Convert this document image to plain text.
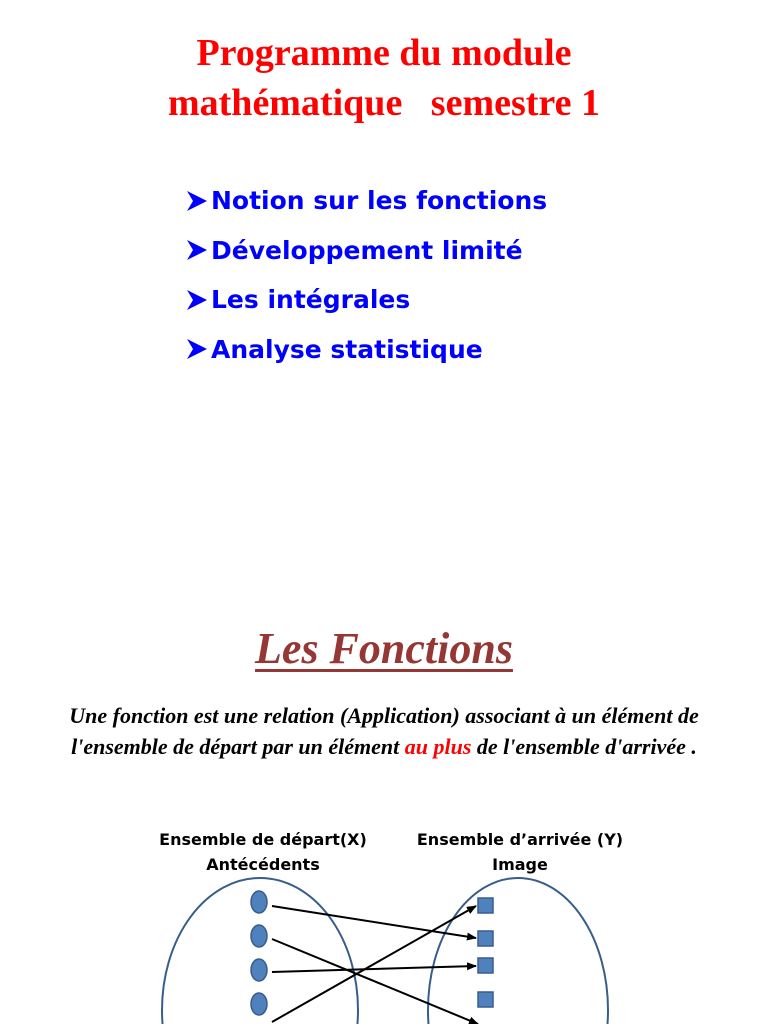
Programme du module
mathématique   semestre 1
Notion sur les fonctions
Développement limité
Les intégrales
Analyse statistique
Les Fonctions
Une fonction est une relation (Application) associant à un élément de l'ensemble de départ par un élément au plus de l'ensemble d'arrivée .
Ensemble de départ(X)
Antécédents
Ensemble d’arrivée (Y)
Image
